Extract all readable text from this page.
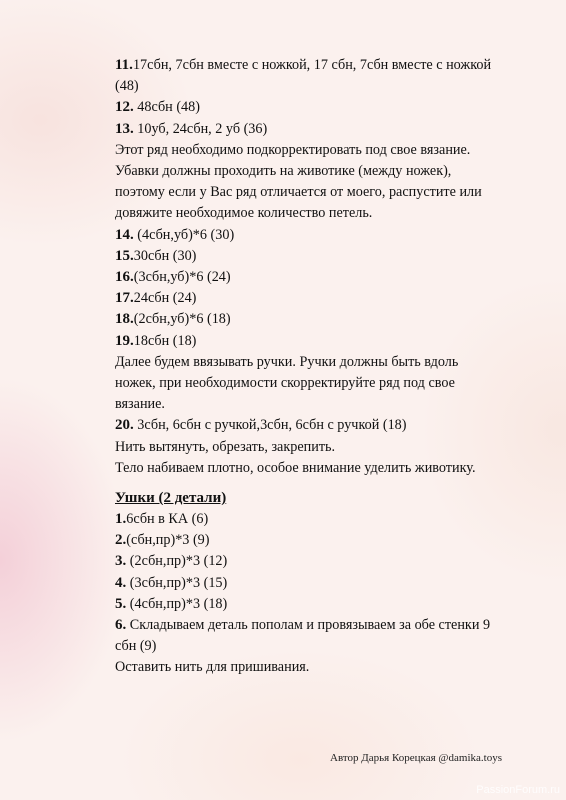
11.17сбн, 7сбн вместе с ножкой, 17 сбн, 7сбн вместе с ножкой
(48)
12. 48сбн (48)
13. 10уб, 24сбн, 2 уб (36)
Этот ряд необходимо подкорректировать под свое вязание.
Убавки должны проходить на животике (между ножек),
поэтому если у Вас ряд отличается от моего, распустите или
довяжите необходимое количество петель.
14. (4сбн,уб)*6 (30)
15.30сбн (30)
16.(3сбн,уб)*6 (24)
17.24сбн (24)
18.(2сбн,уб)*6 (18)
19.18сбн (18)
Далее будем ввязывать ручки. Ручки должны быть вдоль
ножек, при необходимости скорректируйте ряд под свое
вязание.
20. 3сбн, 6сбн с ручкой,3сбн, 6сбн с ручкой (18)
Нить вытянуть, обрезать, закрепить.
Тело набиваем плотно, особое внимание уделить животику.
Ушки (2 детали)
1.6сбн в КА (6)
2.(сбн,пр)*3 (9)
3. (2сбн,пр)*3 (12)
4. (3сбн,пр)*3 (15)
5. (4сбн,пр)*3 (18)
6. Складываем деталь пополам и провязываем за обе стенки 9
сбн (9)
Оставить нить для пришивания.
Автор Дарья Корецкая @damika.toys
PassionForum.ru
